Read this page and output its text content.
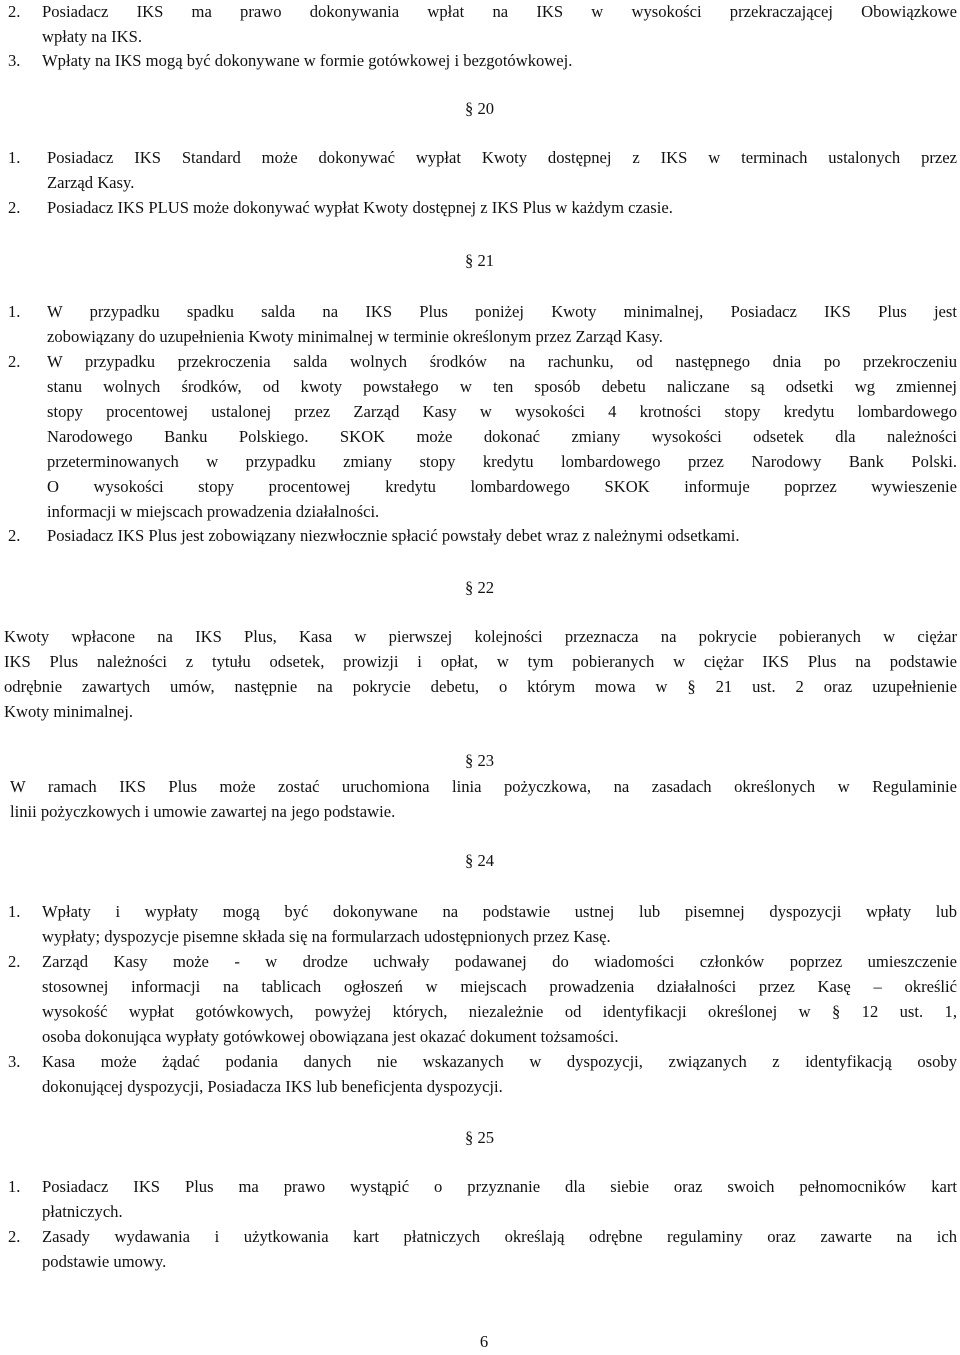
2.	Posiadacz IKS ma prawo dokonywania wpłat na IKS w wysokości przekraczającej Obowiązkowe
wpłaty na IKS.
3.	Wpłaty na IKS mogą być dokonywane w formie gotówkowej i bezgotówkowej.
§ 20
1.	Posiadacz IKS Standard może dokonywać wypłat Kwoty dostępnej z IKS w terminach ustalonych przez
Zarząd Kasy.
2.	Posiadacz IKS PLUS może dokonywać wypłat Kwoty dostępnej z IKS Plus w każdym czasie.
§ 21
1.	W przypadku spadku salda na IKS Plus poniżej Kwoty minimalnej, Posiadacz IKS Plus jest
zobowiązany do uzupełnienia Kwoty minimalnej w terminie określonym przez Zarząd Kasy.
2.	W przypadku przekroczenia salda wolnych środków na rachunku, od następnego dnia po przekroczeniu
stanu wolnych środków, od kwoty powstałego w ten sposób debetu naliczane są odsetki wg zmiennej
stopy procentowej ustalonej przez Zarząd Kasy w wysokości 4 krotności stopy kredytu lombardowego
Narodowego Banku Polskiego. SKOK może dokonać zmiany wysokości odsetek dla należności
przeterminowanych w przypadku zmiany stopy kredytu lombardowego przez Narodowy Bank Polski.
O wysokości stopy procentowej kredytu lombardowego SKOK informuje poprzez wywieszenie
informacji w miejscach prowadzenia działalności.
2.	Posiadacz IKS Plus jest zobowiązany niezwłocznie spłacić powstały debet wraz z należnymi odsetkami.
§ 22
Kwoty wpłacone na IKS Plus, Kasa w pierwszej kolejności przeznacza na pokrycie pobieranych w ciężar
IKS Plus należności z tytułu odsetek, prowizji i opłat, w tym pobieranych w ciężar IKS Plus na podstawie
odrębnie zawartych umów, następnie na pokrycie debetu, o którym mowa w § 21 ust. 2 oraz uzupełnienie
Kwoty minimalnej.
§ 23
W ramach IKS Plus może zostać uruchomiona linia pożyczkowa, na zasadach określonych w Regulaminie
linii pożyczkowych i umowie zawartej na jego podstawie.
§ 24
1.	Wpłaty i wypłaty mogą być dokonywane na podstawie ustnej lub pisemnej dyspozycji wpłaty lub
wypłaty; dyspozycje pisemne składa się na formularzach udostępnionych przez Kasę.
2.	Zarząd Kasy może - w drodze uchwały podawanej do wiadomości członków poprzez umieszczenie
stosownej informacji na tablicach ogłoszeń w miejscach prowadzenia działalności przez Kasę – określić
wysokość wypłat gotówkowych, powyżej których, niezależnie od identyfikacji określonej w § 12 ust. 1,
osoba dokonująca wypłaty gotówkowej obowiązana jest okazać dokument tożsamości.
3.	Kasa może żądać podania danych nie wskazanych w dyspozycji, związanych z identyfikacją osoby
dokonującej dyspozycji, Posiadacza IKS lub beneficjenta dyspozycji.
§ 25
1.	Posiadacz IKS Plus ma prawo wystąpić o przyznanie dla siebie oraz swoich pełnomocników kart
płatniczych.
2.	Zasady wydawania i użytkowania kart płatniczych określają odrębne regulaminy oraz zawarte na ich
podstawie umowy.
6
